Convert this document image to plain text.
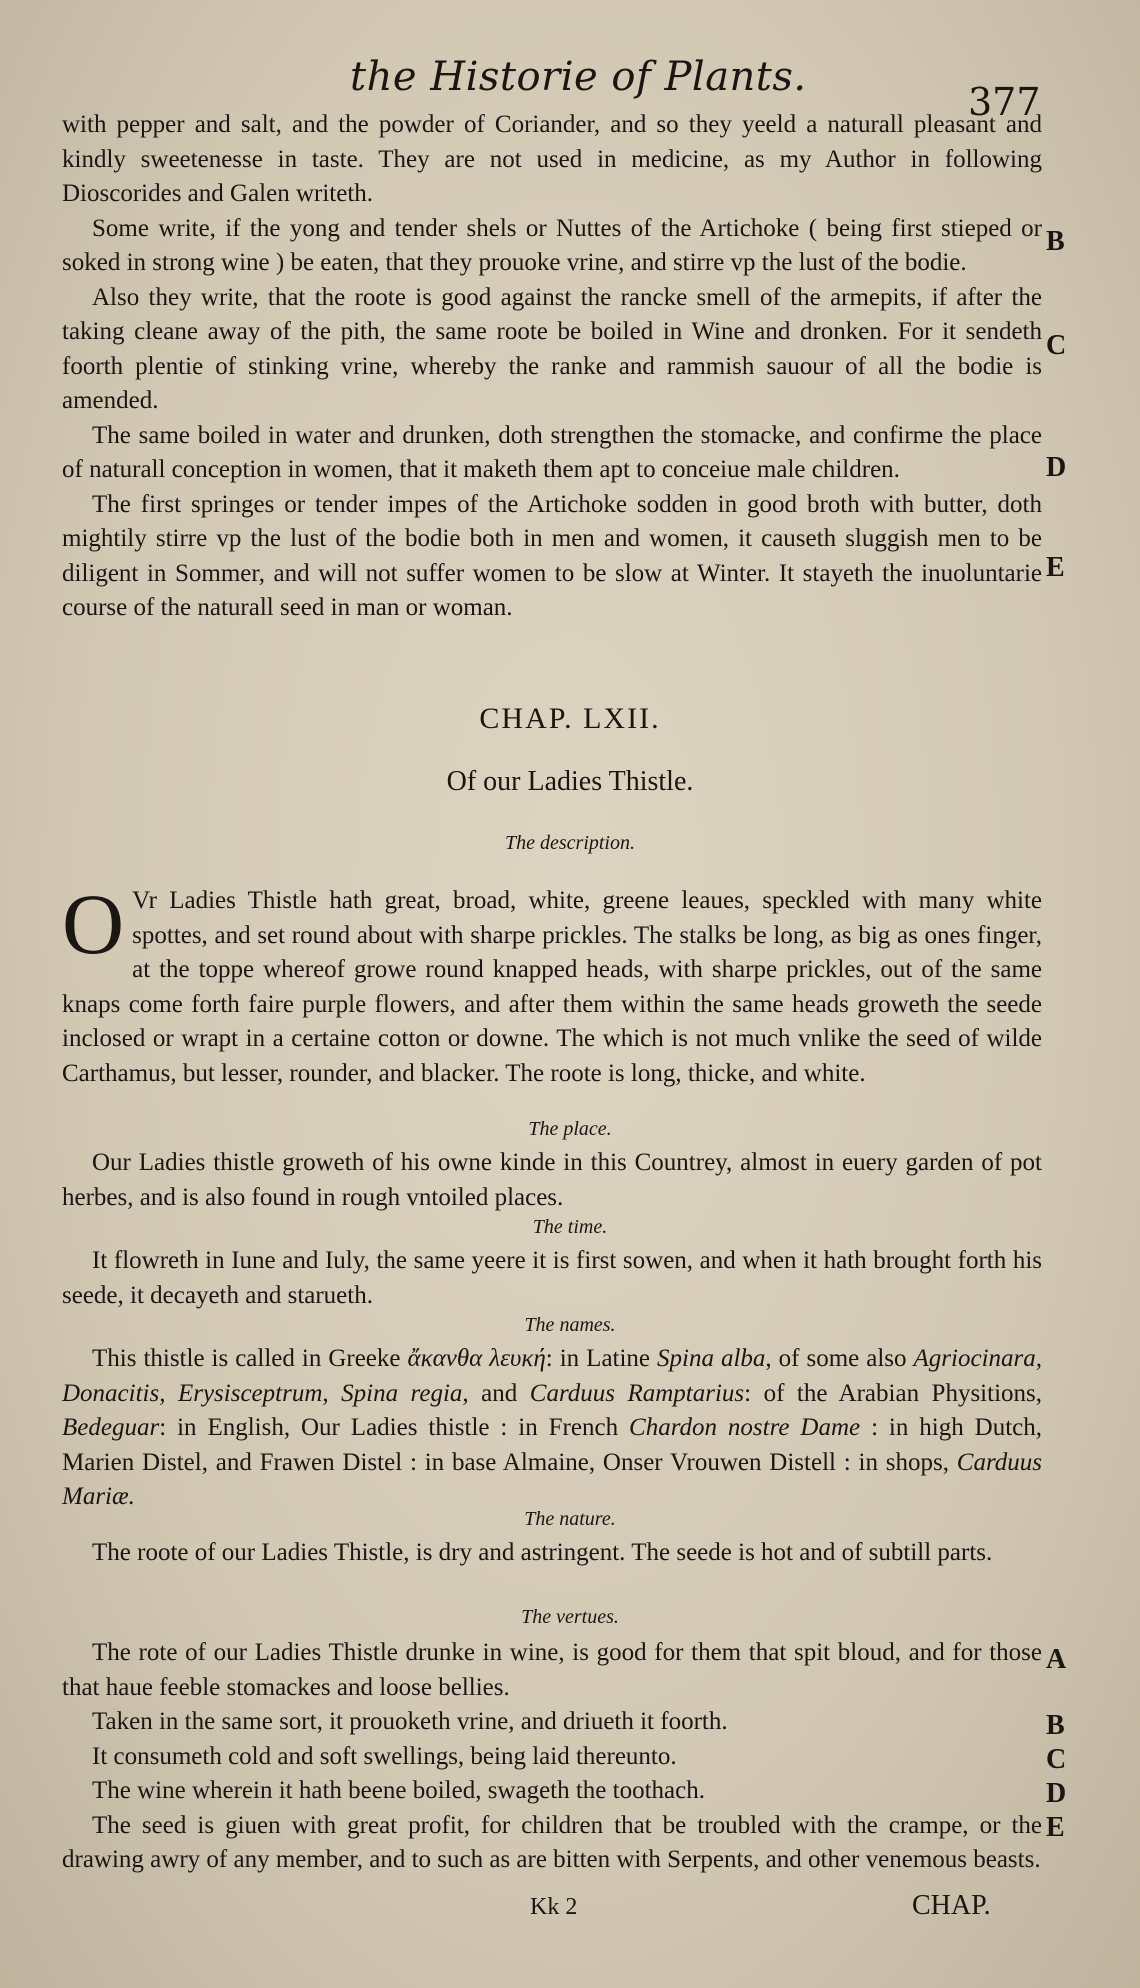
the Historie of Plants.
377

with pepper and salt, and the powder of Coriander, and so they yeeld a naturall pleasant and kindly sweetenesse in taste. They are not used in medicine, as my Author in following Dioscorides and Galen writeth.

Some write, if the yong and tender shels or Nuttes of the Artichoke ( being first stieped or soked in strong wine ) be eaten, that they prouoke vrine, and stirre vp the lust of the bodie.

Also they write, that the roote is good against the rancke smell of the armepits, if after the taking cleane away of the pith, the same roote be boiled in Wine and dronken. For it sendeth foorth plentie of stinking vrine, whereby the ranke and rammish sauour of all the bodie is amended.

The same boiled in water and drunken, doth strengthen the stomacke, and confirme the place of naturall conception in women, that it maketh them apt to conceiue male children.

The first springes or tender impes of the Artichoke sodden in good broth with butter, doth mightily stirre vp the lust of the bodie both in men and women, it causeth sluggish men to be diligent in Sommer, and will not suffer women to be slow at Winter. It stayeth the inuoluntarie course of the naturall seed in man or woman.

B
C
D
E
CHAP. LXII.
Of our Ladies Thistle.
The description.

O Vr Ladies Thistle hath great, broad, white, greene leaues, speckled with many white spottes, and set round about with sharpe prickles. The stalks be long, as big as ones finger, at the toppe whereof growe round knapped heads, with sharpe prickles, out of the same knaps come forth faire purple flowers, and after them within the same heads groweth the seede inclosed or wrapt in a certaine cotton or downe. The which is not much vnlike the seed of wilde Carthamus, but lesser, rounder, and blacker. The roote is long, thicke, and white.

The place.

Our Ladies thistle groweth of his owne kinde in this Countrey, almost in euery garden of pot herbes, and is also found in rough vntoiled places.

The time.

It flowreth in Iune and Iuly, the same yeere it is first sowen, and when it hath brought forth his seede, it decayeth and starueth.

The names.

This thistle is called in Greeke ἄκανθα λευκή: in Latine Spina alba, of some also Agriocinara, Donacitis, Erysisceptrum, Spina regia, and Carduus Ramptarius: of the Arabian Physitions, Bedeguar: in English, Our Ladies thistle : in French Chardon nostre Dame : in high Dutch, Marien Distel, and Frawen Distel : in base Almaine, Onser Vrouwen Distell : in shops, Carduus Mariæ.

The nature.

The roote of our Ladies Thistle, is dry and astringent. The seede is hot and of subtill parts.

The vertues.

The rote of our Ladies Thistle drunke in wine, is good for them that spit bloud, and for those that haue feeble stomackes and loose bellies.

Taken in the same sort, it prouoketh vrine, and driueth it foorth.

It consumeth cold and soft swellings, being laid thereunto.

The wine wherein it hath beene boiled, swageth the toothach.

The seed is giuen with great profit, for children that be troubled with the crampe, or the drawing awry of any member, and to such as are bitten with Serpents, and other venemous beasts.

A
B
C
D
E
Kk 2	CHAP.
